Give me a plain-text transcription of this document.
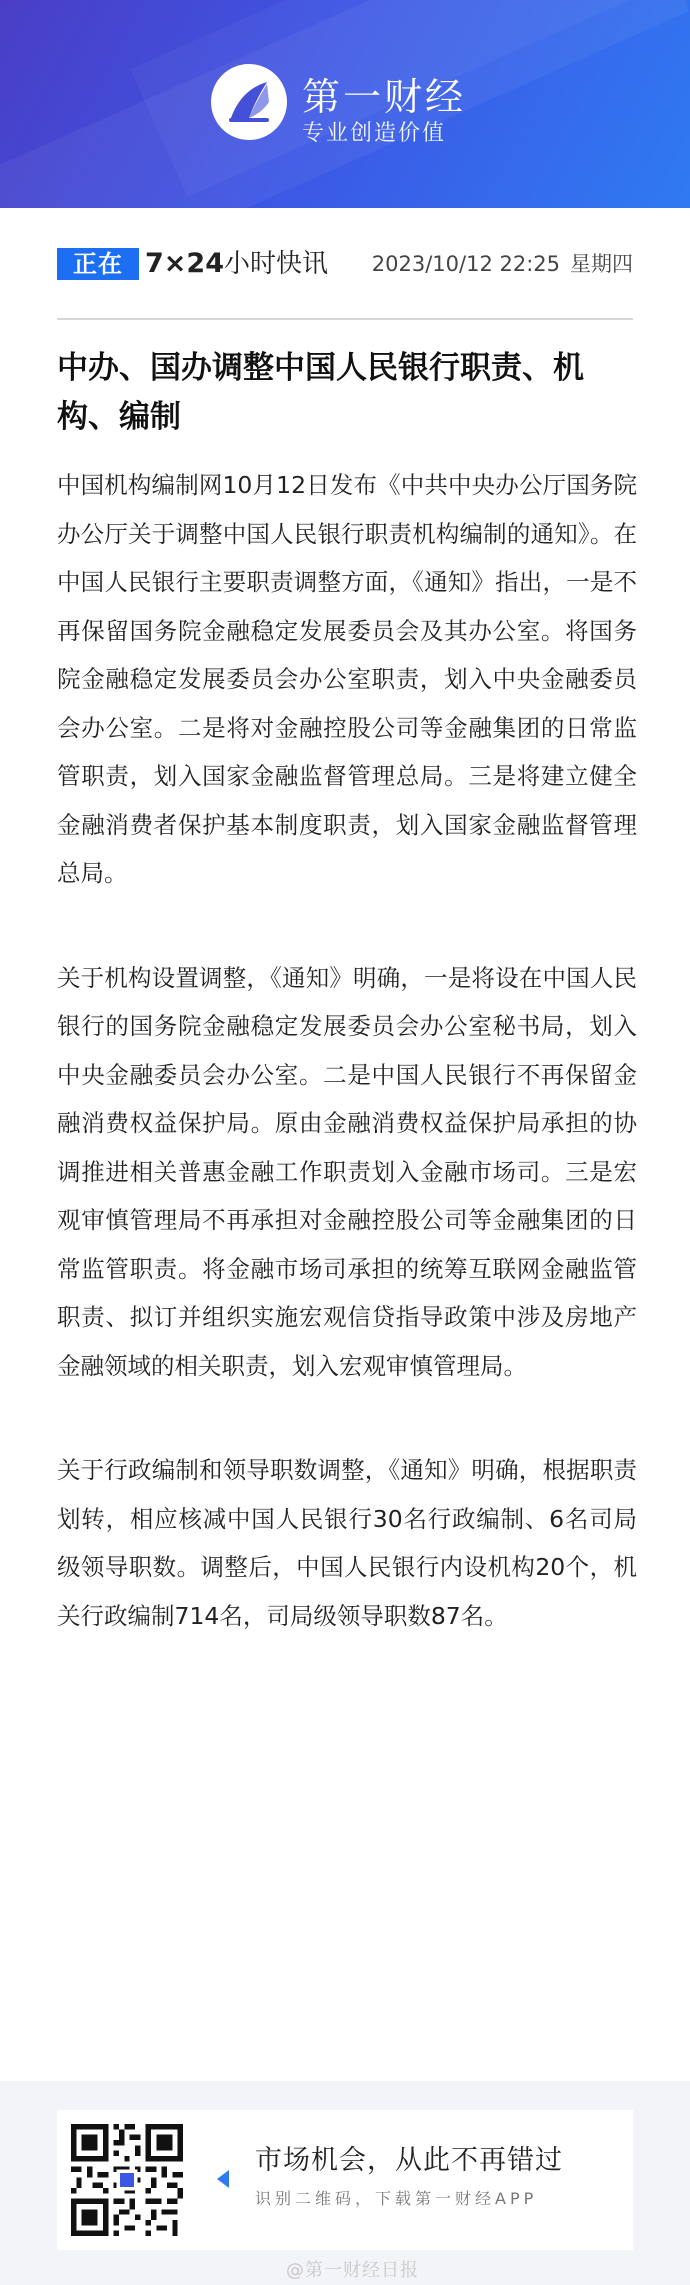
第一财经
专业创造价值
正在 7×24小时快讯 2023/10/12 22:25 星期四
中办、国办调整中国人民银行职责、机构、编制

中国机构编制网10月12日发布《中共中央办公厅国务院办公厅关于调整中国人民银行职责机构编制的通知》。在中国人民银行主要职责调整方面，《通知》指出，一是不再保留国务院金融稳定发展委员会及其办公室。将国务院金融稳定发展委员会办公室职责，划入中央金融委员会办公室。二是将对金融控股公司等金融集团的日常监管职责，划入国家金融监督管理总局。三是将建立健全金融消费者保护基本制度职责，划入国家金融监督管理总局。

关于机构设置调整，《通知》明确，一是将设在中国人民银行的国务院金融稳定发展委员会办公室秘书局，划入中央金融委员会办公室。二是中国人民银行不再保留金融消费权益保护局。原由金融消费权益保护局承担的协调推进相关普惠金融工作职责划入金融市场司。三是宏观审慎管理局不再承担对金融控股公司等金融集团的日常监管职责。将金融市场司承担的统筹互联网金融监管职责、拟订并组织实施宏观信贷指导政策中涉及房地产金融领域的相关职责，划入宏观审慎管理局。

关于行政编制和领导职数调整，《通知》明确，根据职责划转，相应核减中国人民银行30名行政编制、6名司局级领导职数。调整后，中国人民银行内设机构20个，机关行政编制714名，司局级领导职数87名。

市场机会，从此不再错过
识别二维码，下载第一财经APP
@第一财经日报
